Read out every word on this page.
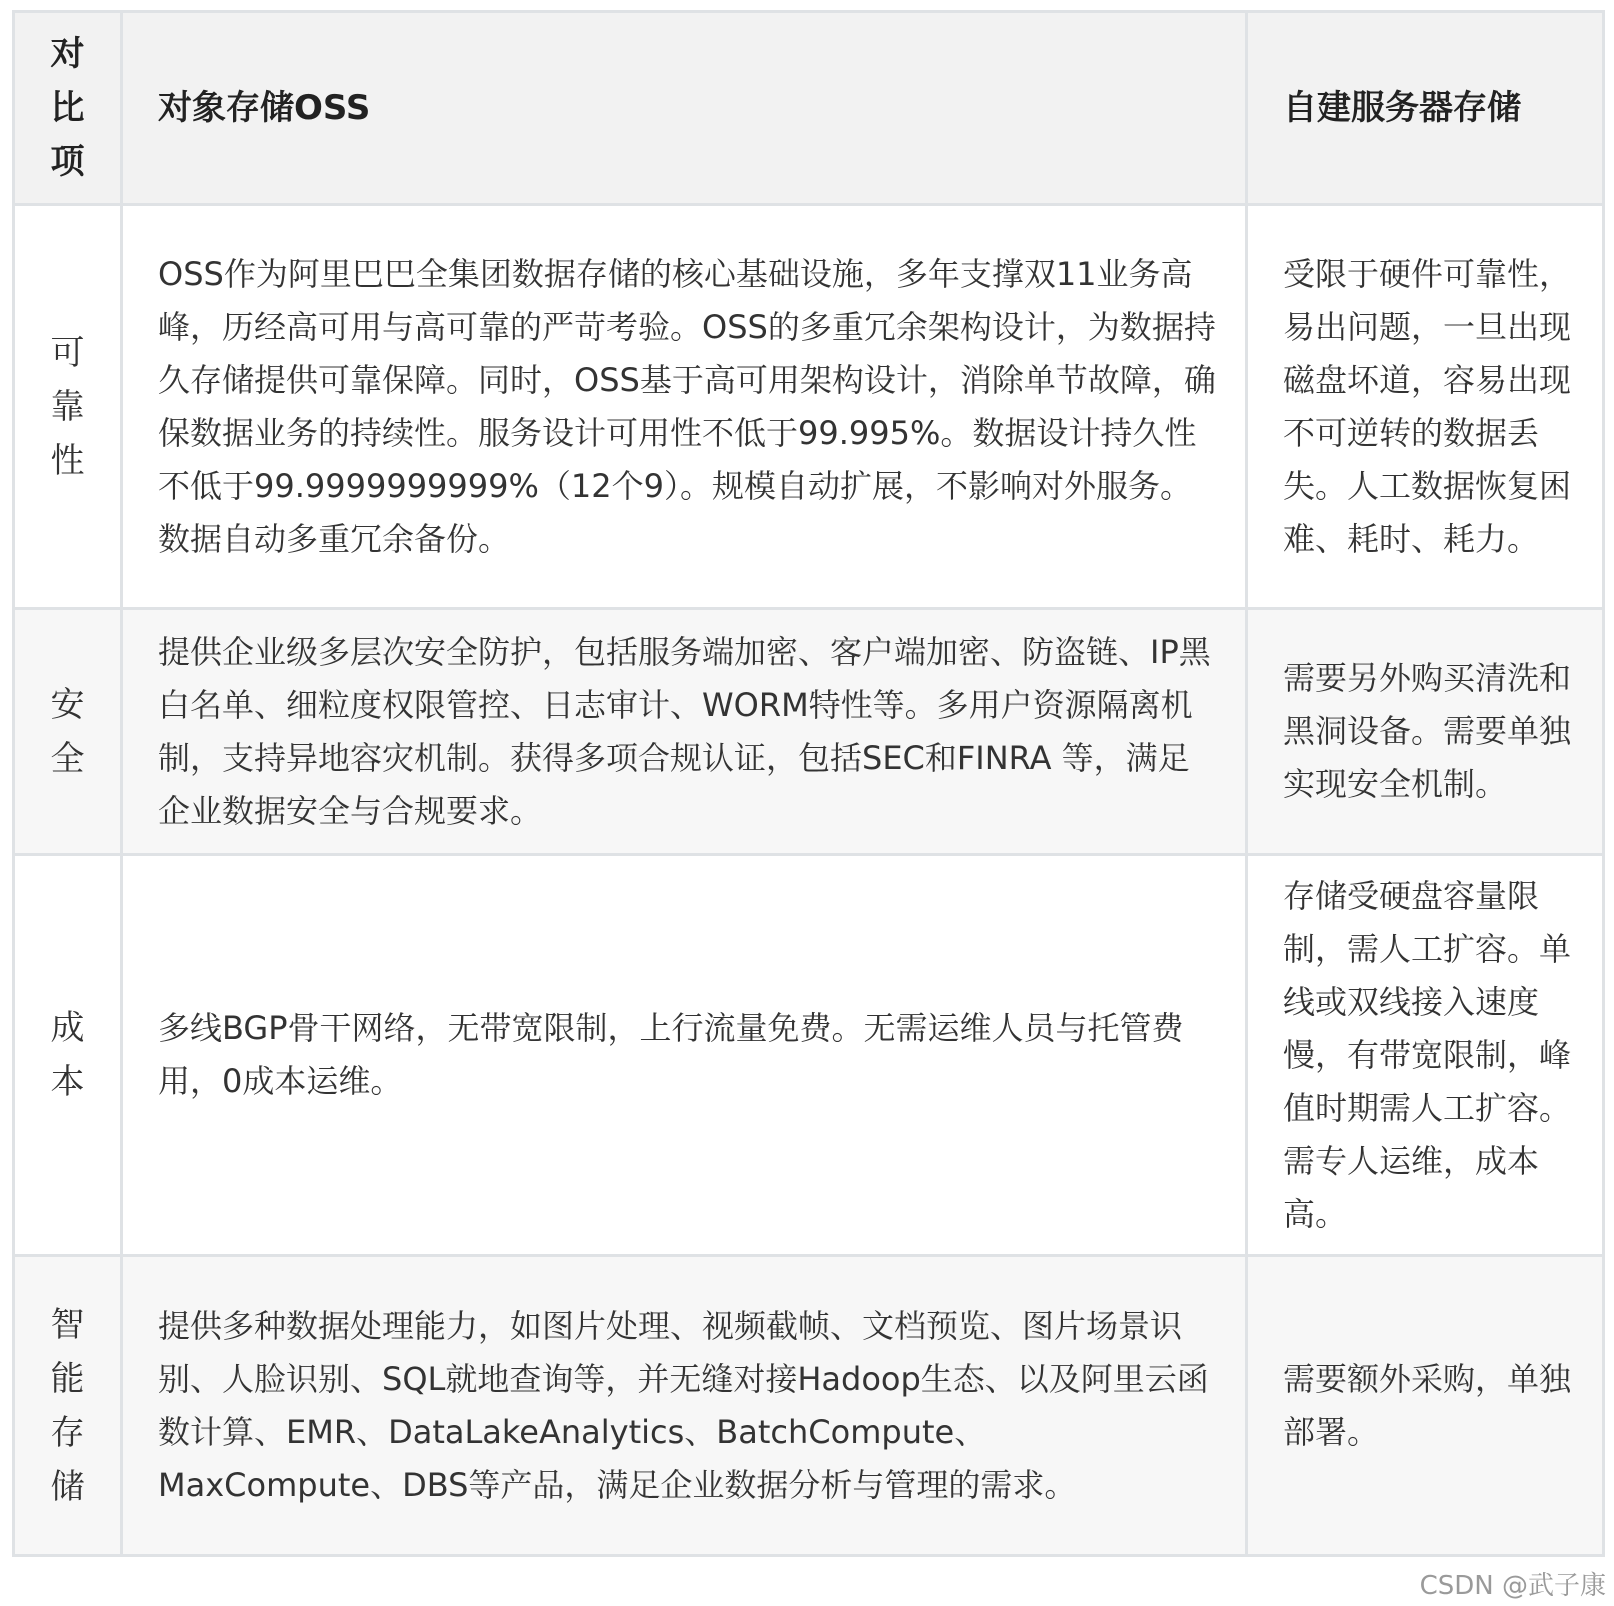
对比项	对象存储OSS	自建服务器存储

可靠性	OSS作为阿里巴巴全集团数据存储的核心基础设施，多年支撑双11业务高峰，历经高可用与高可靠的严苛考验。OSS的多重冗余架构设计，为数据持久存储提供可靠保障。同时，OSS基于高可用架构设计，消除单节故障，确保数据业务的持续性。服务设计可用性不低于99.995%。数据设计持久性不低于99.9999999999%（12个9）。规模自动扩展，不影响对外服务。数据自动多重冗余备份。	受限于硬件可靠性，易出问题，一旦出现磁盘坏道，容易出现不可逆转的数据丢失。人工数据恢复困难、耗时、耗力。

安全	提供企业级多层次安全防护，包括服务端加密、客户端加密、防盗链、IP黑白名单、细粒度权限管控、日志审计、WORM特性等。多用户资源隔离机制，支持异地容灾机制。获得多项合规认证，包括SEC和FINRA 等，满足企业数据安全与合规要求。	需要另外购买清洗和黑洞设备。需要单独实现安全机制。

成本	多线BGP骨干网络，无带宽限制，上行流量免费。无需运维人员与托管费用，0成本运维。	存储受硬盘容量限制，需人工扩容。单线或双线接入速度慢，有带宽限制，峰值时期需人工扩容。需专人运维，成本高。

智能存储	提供多种数据处理能力，如图片处理、视频截帧、文档预览、图片场景识别、人脸识别、SQL就地查询等，并无缝对接Hadoop生态、以及阿里云函数计算、EMR、DataLakeAnalytics、BatchCompute、MaxCompute、DBS等产品，满足企业数据分析与管理的需求。	需要额外采购，单独部署。
CSDN @武子康
